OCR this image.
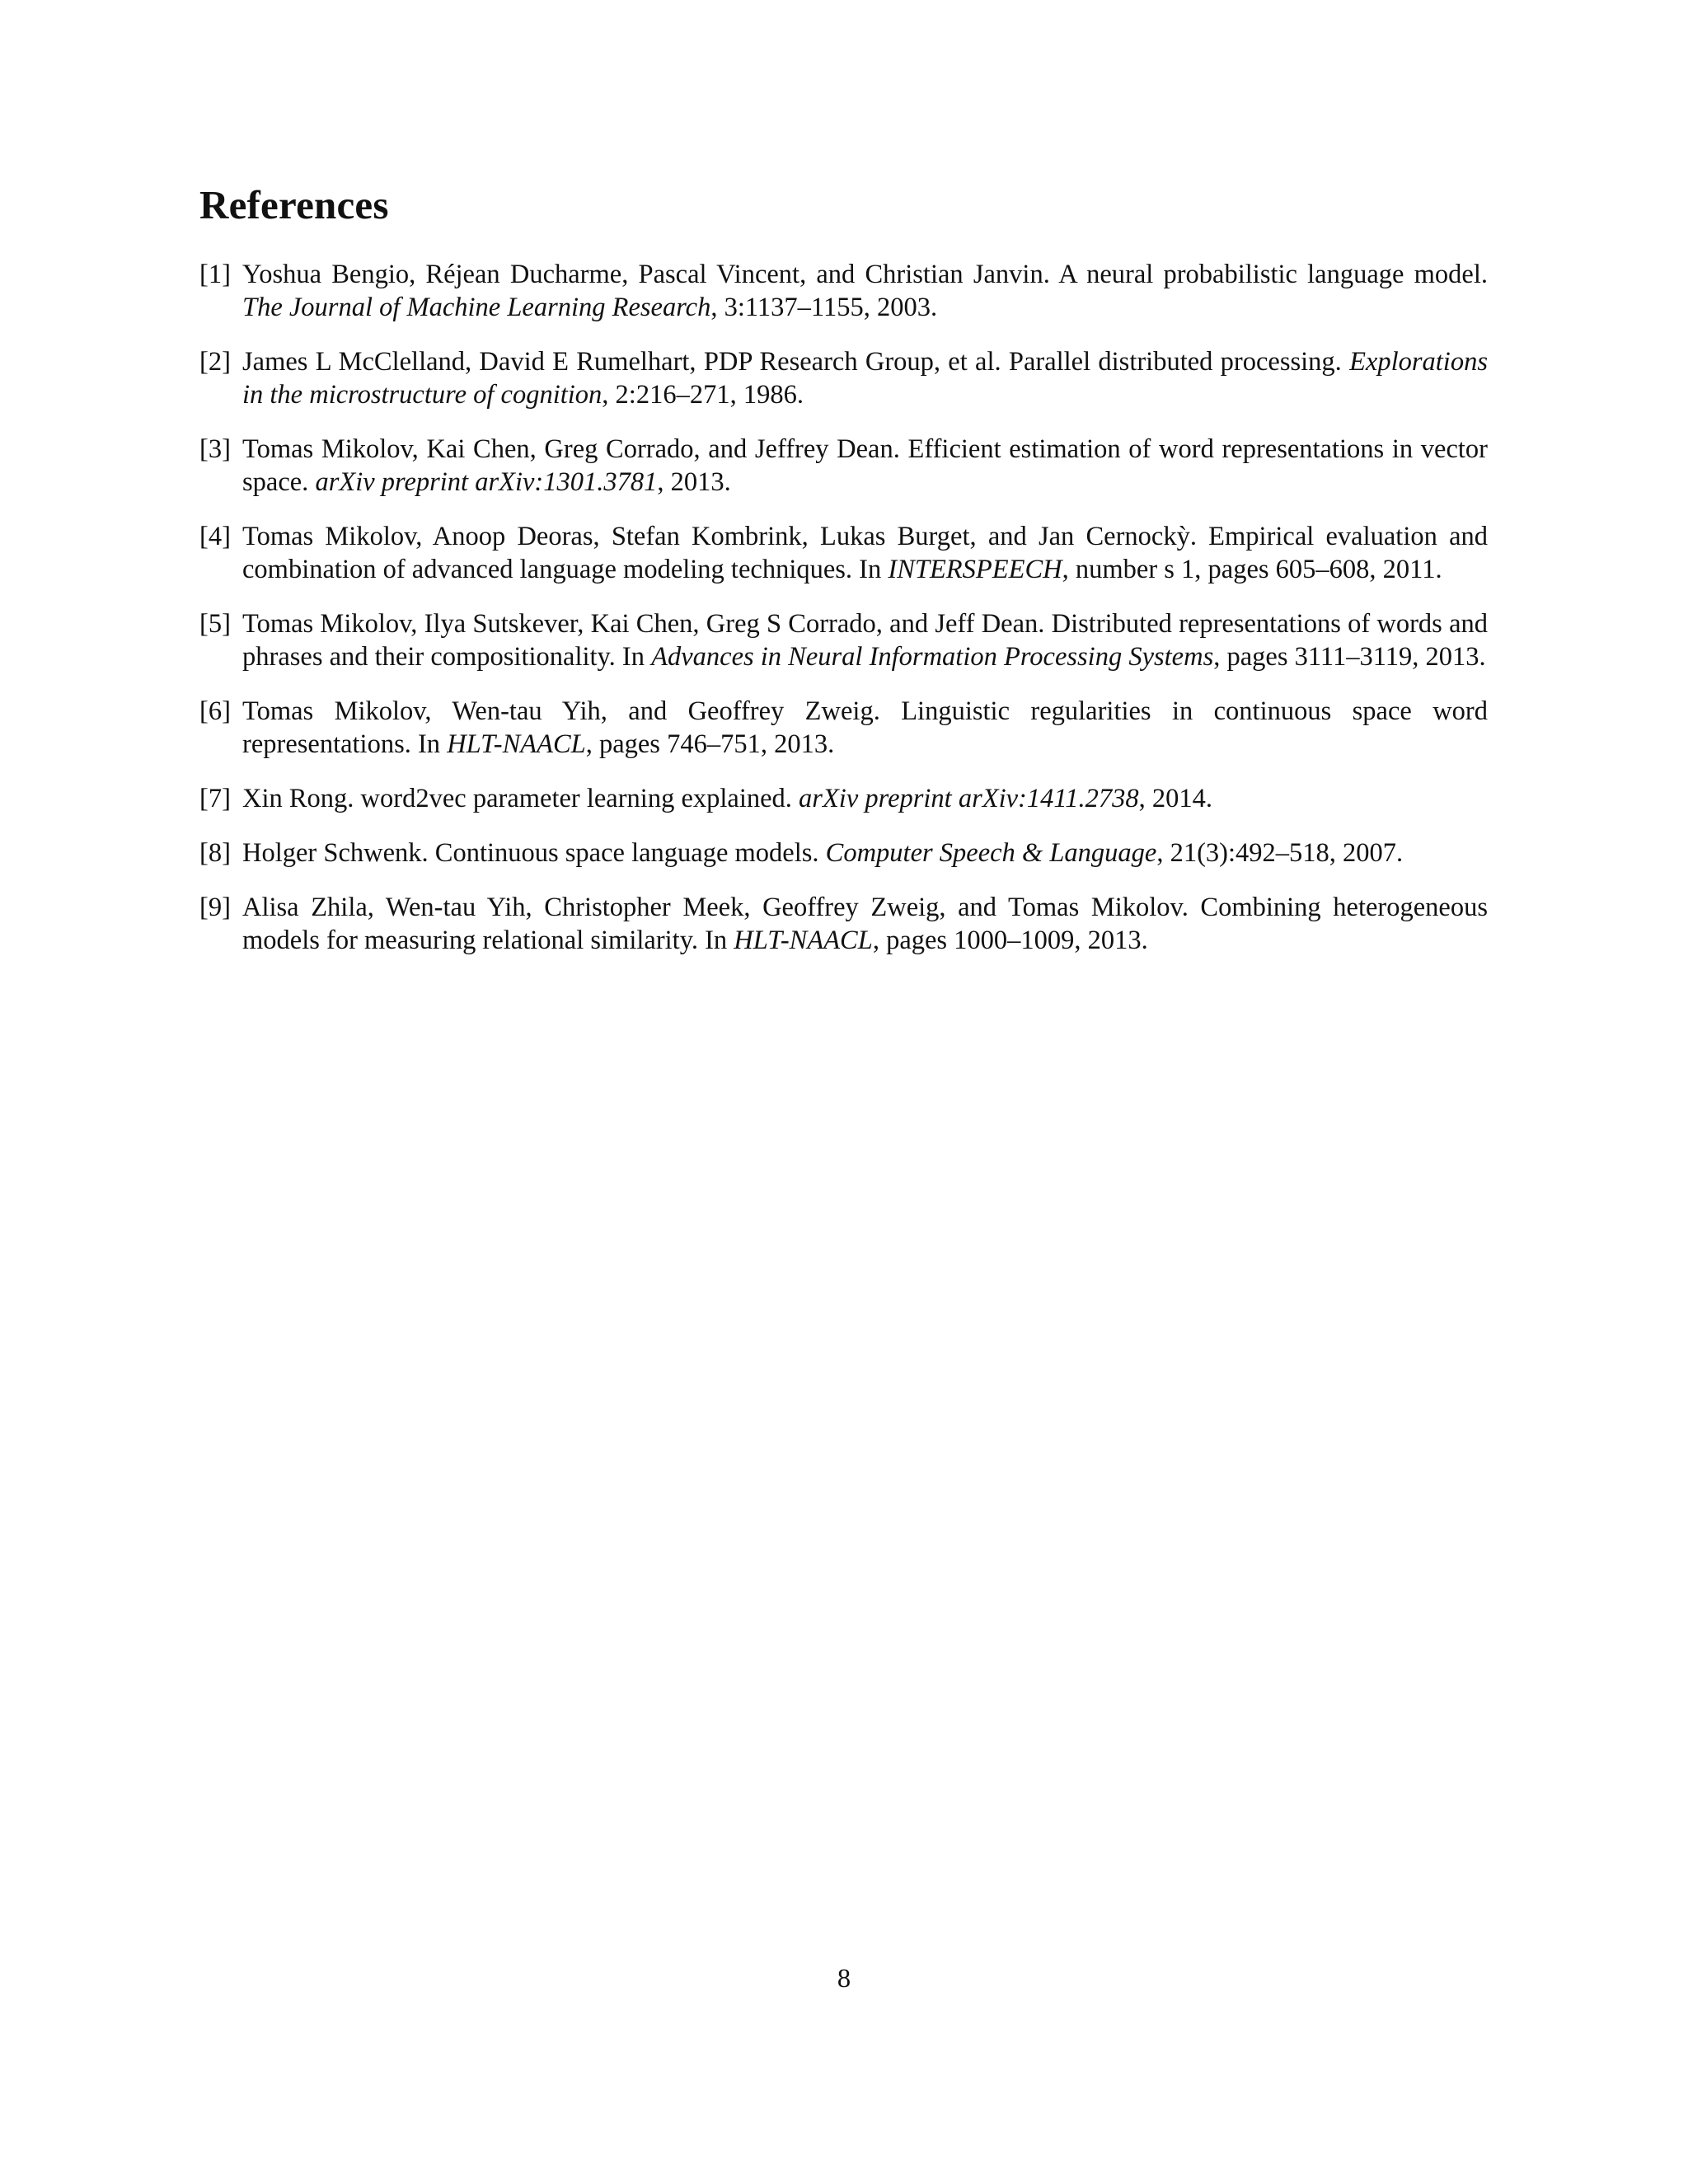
References
[1] Yoshua Bengio, Réjean Ducharme, Pascal Vincent, and Christian Janvin. A neural probabilistic language model. The Journal of Machine Learning Research, 3:1137–1155, 2003.
[2] James L McClelland, David E Rumelhart, PDP Research Group, et al. Parallel distributed processing. Explorations in the microstructure of cognition, 2:216–271, 1986.
[3] Tomas Mikolov, Kai Chen, Greg Corrado, and Jeffrey Dean. Efficient estimation of word representations in vector space. arXiv preprint arXiv:1301.3781, 2013.
[4] Tomas Mikolov, Anoop Deoras, Stefan Kombrink, Lukas Burget, and Jan Cernockỳ. Empirical evaluation and combination of advanced language modeling techniques. In INTERSPEECH, number s 1, pages 605–608, 2011.
[5] Tomas Mikolov, Ilya Sutskever, Kai Chen, Greg S Corrado, and Jeff Dean. Distributed representations of words and phrases and their compositionality. In Advances in Neural Information Processing Systems, pages 3111–3119, 2013.
[6] Tomas Mikolov, Wen-tau Yih, and Geoffrey Zweig. Linguistic regularities in continuous space word representations. In HLT-NAACL, pages 746–751, 2013.
[7] Xin Rong. word2vec parameter learning explained. arXiv preprint arXiv:1411.2738, 2014.
[8] Holger Schwenk. Continuous space language models. Computer Speech & Language, 21(3):492–518, 2007.
[9] Alisa Zhila, Wen-tau Yih, Christopher Meek, Geoffrey Zweig, and Tomas Mikolov. Combining heterogeneous models for measuring relational similarity. In HLT-NAACL, pages 1000–1009, 2013.
8
